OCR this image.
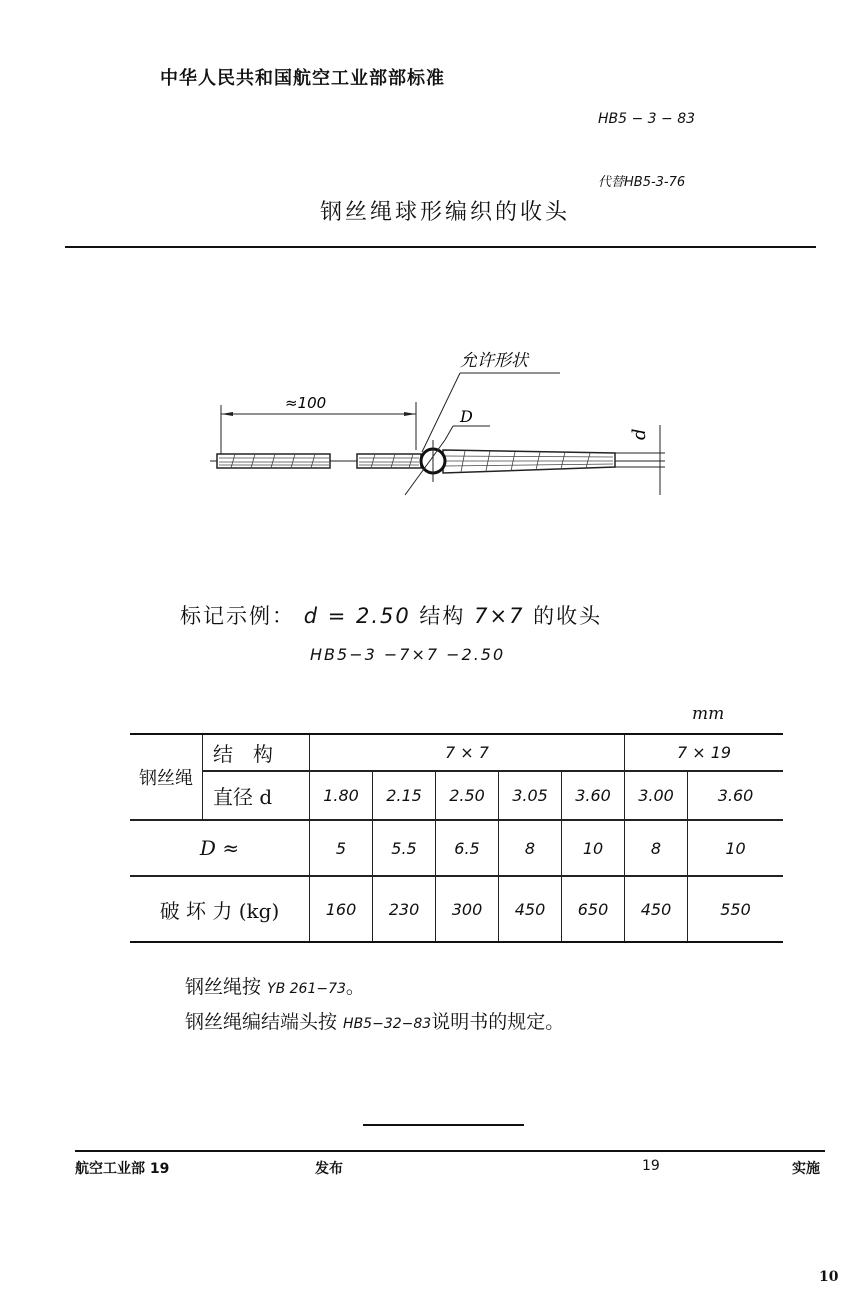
中华人民共和国航空工业部部标准
HB5 − 3 − 83
代替HB5-3-76
钢丝绳球形编织的收头
允许形状
≈100
D
d
标记示例： d = 2.50 结构 7×7 的收头
HB5−3 −7×7 −2.50
mm
钢丝绳	结　构	7 × 7					7 × 19	
	直径 d	1.80	2.15	2.50	3.05	3.60	3.00	3.60
D ≈		5	5.5	6.5	8	10	8	10
破 坏 力 (kg)		160	230	300	450	650	450	550
钢丝绳按 YB 261−73。
钢丝绳编结端头按 HB5−32−83说明书的规定。
航空工业部 19	发布	19	实施
10
